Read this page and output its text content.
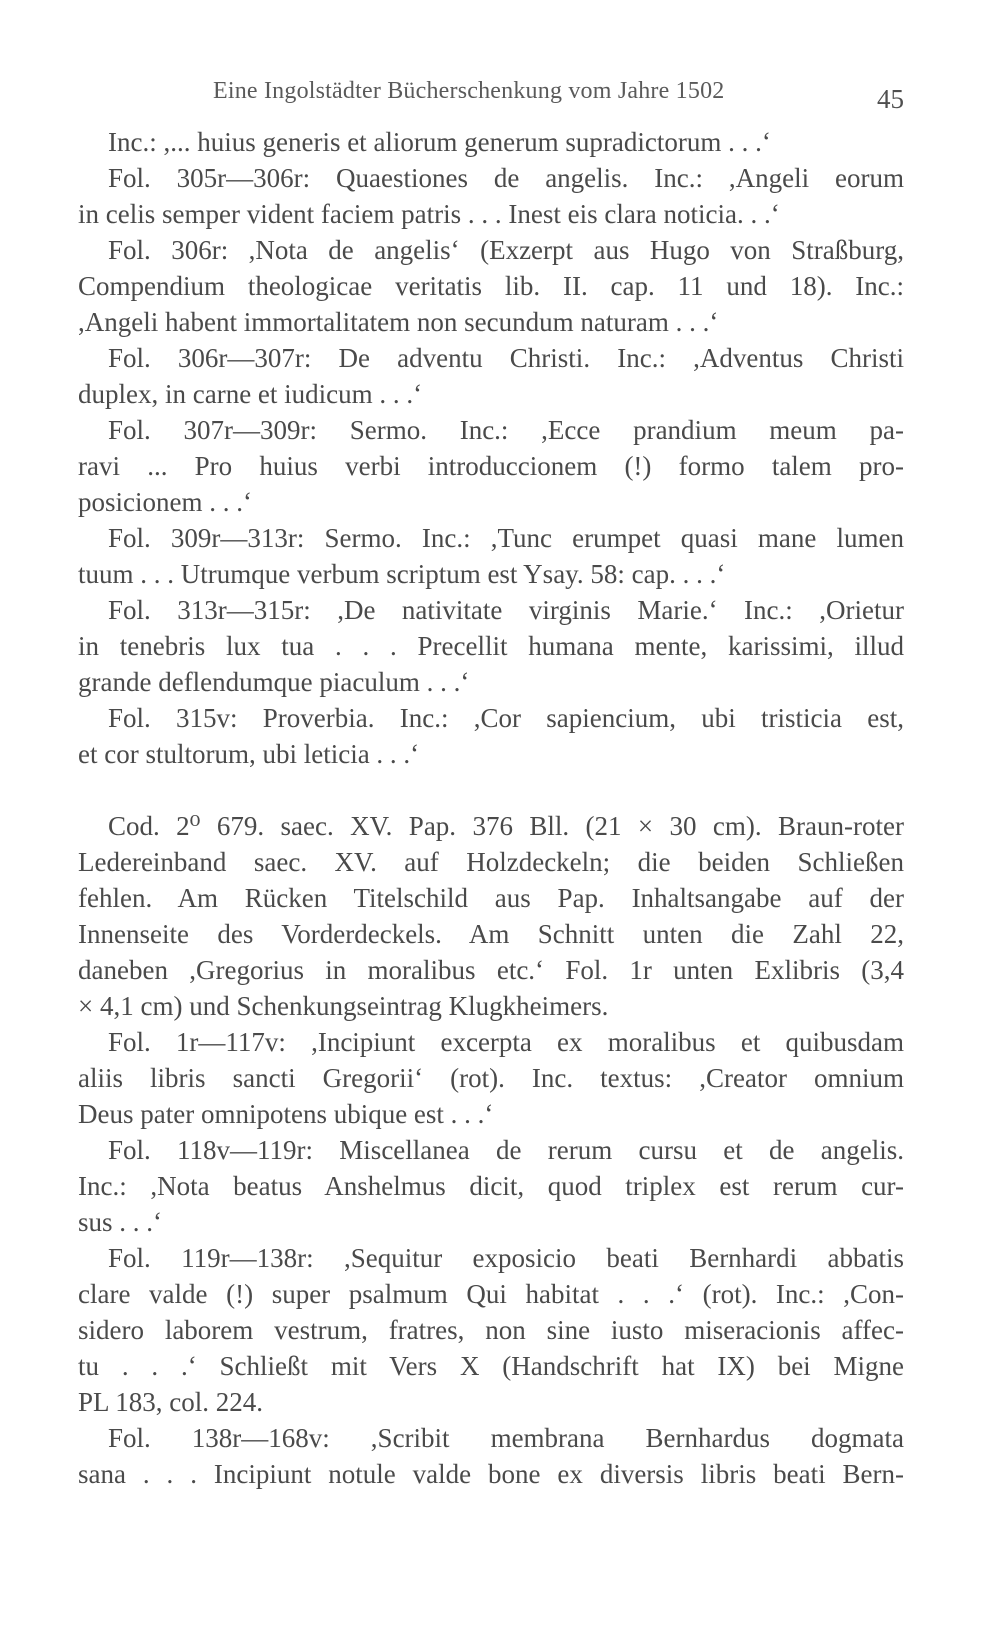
Eine Ingolstädter Bücherschenkung vom Jahre 1502	45
Inc.: ,... huius generis et aliorum generum supradictorum . . .‘
Fol. 305r—306r: Quaestiones de angelis. Inc.: ,Angeli eorum
in celis semper vident faciem patris . . . Inest eis clara noticia. . .‘
Fol. 306r: ,Nota de angelis‘ (Exzerpt aus Hugo von Straßburg,
Compendium theologicae veritatis lib. II. cap. 11 und 18). Inc.:
,Angeli habent immortalitatem non secundum naturam . . .‘
Fol. 306r—307r: De adventu Christi. Inc.: ,Adventus Christi
duplex, in carne et iudicum . . .‘
Fol. 307r—309r: Sermo. Inc.: ,Ecce prandium meum pa-
ravi ... Pro huius verbi introduccionem (!) formo talem pro-
posicionem . . .‘
Fol. 309r—313r: Sermo. Inc.: ,Tunc erumpet quasi mane lumen
tuum . . . Utrumque verbum scriptum est Ysay. 58: cap. . . .‘
Fol. 313r—315r: ,De nativitate virginis Marie.‘ Inc.: ,Orietur
in tenebris lux tua . . . Precellit humana mente, karissimi, illud
grande deflendumque piaculum . . .‘
Fol. 315v: Proverbia. Inc.: ,Cor sapiencium, ubi tristicia est,
et cor stultorum, ubi leticia . . .‘
Cod. 2⁰ 679. saec. XV. Pap. 376 Bll. (21 × 30 cm). Braun-roter
Ledereinband saec. XV. auf Holzdeckeln; die beiden Schließen
fehlen. Am Rücken Titelschild aus Pap. Inhaltsangabe auf der
Innenseite des Vorderdeckels. Am Schnitt unten die Zahl 22,
daneben ,Gregorius in moralibus etc.‘ Fol. 1r unten Exlibris (3,4
× 4,1 cm) und Schenkungseintrag Klugkheimers.
Fol. 1r—117v: ,Incipiunt excerpta ex moralibus et quibusdam
aliis libris sancti Gregorii‘ (rot). Inc. textus: ,Creator omnium
Deus pater omnipotens ubique est . . .‘
Fol. 118v—119r: Miscellanea de rerum cursu et de angelis.
Inc.: ,Nota beatus Anshelmus dicit, quod triplex est rerum cur-
sus . . .‘
Fol. 119r—138r: ,Sequitur exposicio beati Bernhardi abbatis
clare valde (!) super psalmum Qui habitat . . .‘ (rot). Inc.: ,Con-
sidero laborem vestrum, fratres, non sine iusto miseracionis affec-
tu . . .‘ Schließt mit Vers X (Handschrift hat IX) bei Migne
PL 183, col. 224.
Fol. 138r—168v: ,Scribit membrana Bernhardus dogmata
sana . . . Incipiunt notule valde bone ex diversis libris beati Bern-
